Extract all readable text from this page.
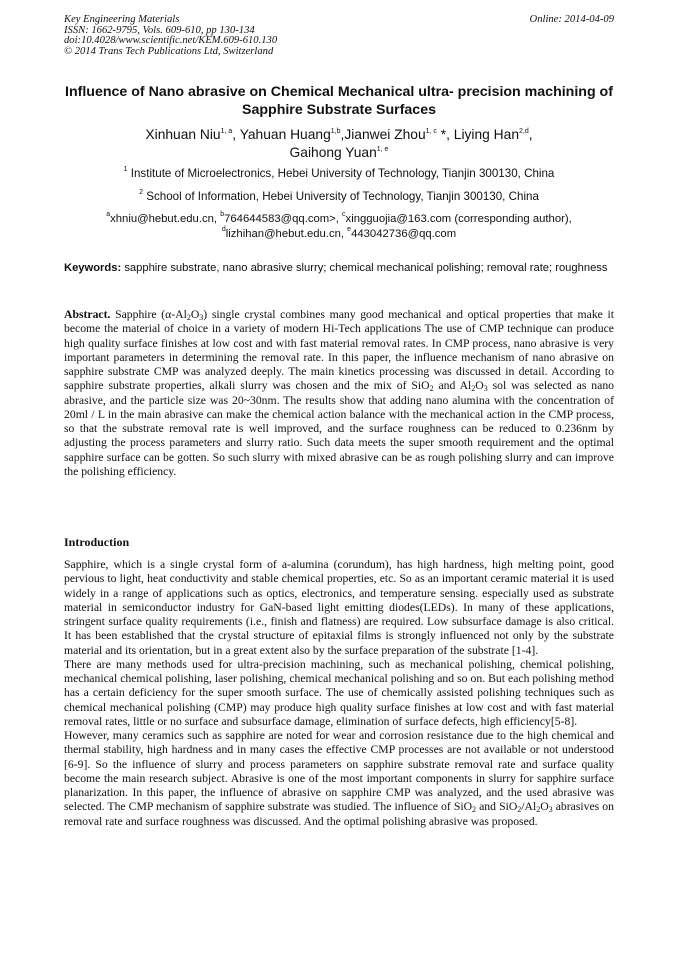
Key Engineering Materials
ISSN: 1662-9795, Vols. 609-610, pp 130-134
doi:10.4028/www.scientific.net/KEM.609-610.130
© 2014 Trans Tech Publications Ltd, Switzerland
Online: 2014-04-09
Influence of Nano abrasive on Chemical Mechanical ultra- precision machining of Sapphire Substrate Surfaces
Xinhuan Niu$^{1, a}$, Yahuan Huang$^{1,b}$,Jianwei Zhou$^{1, c}$ *, Liying Han$^{2,d}$,
Gaihong Yuan$^{1, e}$
$^1$ Institute of Microelectronics, Hebei University of Technology, Tianjin 300130, China
$^2$ School of Information, Hebei University of Technology, Tianjin 300130, China
$^a$xhniu@hebut.edu.cn, $^b$764644583@qq.com>, $^c$xingguojia@163.com (corresponding author),
$^d$lizhihan@hebut.edu.cn, $^e$443042736@qq.com
Keywords: sapphire substrate, nano abrasive slurry; chemical mechanical polishing; removal rate; roughness

Abstract. Sapphire $(\alpha-Al_2O_3)$ single crystal combines many good mechanical and optical properties that make it become the material of choice in a variety of modern Hi-Tech applications The use of CMP technique can produce high quality surface finishes at low cost and with fast material removal rates. In CMP process, nano abrasive is very important parameters in determining the removal rate. In this paper, the influence mechanism of nano abrasive on sapphire substrate CMP was analyzed deeply. The main kinetics processing was discussed in detail. According to sapphire substrate properties, alkali slurry was chosen and the mix of SiO$_2$ and $Al_2O_3$ sol was selected as nano abrasive, and the particle size was 20~30nm. The results show that adding nano alumina with the concentration of 20ml / L in the main abrasive can make the chemical action balance with the mechanical action in the CMP process, so that the substrate removal rate is well improved, and the surface roughness can be reduced to 0.236nm by adjusting the process parameters and slurry ratio. Such data meets the super smooth requirement and the optimal sapphire surface can be gotten. So such slurry with mixed abrasive can be as rough polishing slurry and can improve the polishing efficiency.

Introduction

Sapphire, which is a single crystal form of a-alumina (corundum), has high hardness, high melting point, good pervious to light, heat conductivity and stable chemical properties, etc. So as an important ceramic material it is used widely in a range of applications such as optics, electronics, and temperature sensing. especially used as substrate material in semiconductor industry for GaN-based light emitting diodes(LEDs). In many of these applications, stringent surface quality requirements (i.e., finish and flatness) are required. Low subsurface damage is also critical. It has been established that the crystal structure of epitaxial films is strongly influenced not only by the substrate material and its orientation, but in a great extent also by the surface preparation of the substrate [1-4].

There are many methods used for ultra-precision machining, such as mechanical polishing, chemical polishing, mechanical chemical polishing, laser polishing, chemical mechanical polishing and so on. But each polishing method has a certain deficiency for the super smooth surface. The use of chemically assisted polishing techniques such as chemical mechanical polishing (CMP) may produce high quality surface finishes at low cost and with fast material removal rates, little or no surface and subsurface damage, elimination of surface defects, high efficiency[5-8].

However, many ceramics such as sapphire are noted for wear and corrosion resistance due to the high chemical and thermal stability, high hardness and in many cases the effective CMP processes are not available or not understood [6-9]. So the influence of slurry and process parameters on sapphire substrate removal rate and surface quality become the main research subject. Abrasive is one of the most important components in slurry for sapphire surface planarization. In this paper, the influence of abrasive on sapphire CMP was analyzed, and the used abrasive was selected. The CMP mechanism of sapphire substrate was studied. The influence of SiO$_2$ and $SiO_2/Al_2O_3$ abrasives on removal rate and surface roughness was discussed. And the optimal polishing abrasive was proposed.
